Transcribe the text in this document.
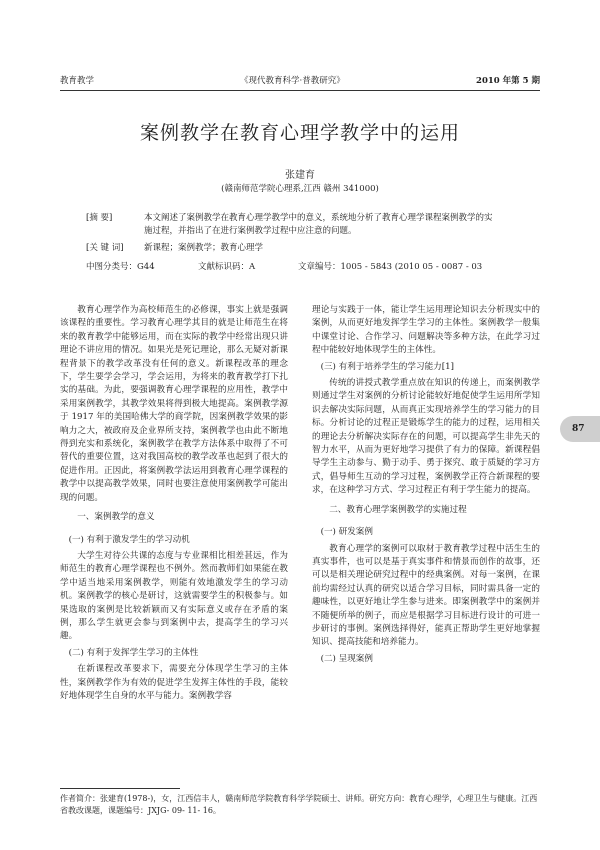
教育教学	《现代教育科学·普教研究》	2010 年第 5 期
案例教学在教育心理学教学中的运用
张建育
(赣南师范学院心理系,江西 赣州 341000)
[摘 要]	本文阐述了案例教学在教育心理学教学中的意义，系统地分析了教育心理学课程案例教学的实施过程，并指出了在进行案例教学过程中应注意的问题。
[关 键 词] 新课程；案例教学；教育心理学
中图分类号：G44	文献标识码：A	文章编号：1005 - 5843 (2010 05 - 0087 - 03

教育心理学作为高校师范生的必修课，事实上就是强调该课程的重要性。学习教育心理学其目的就是让师范生在将来的教育教学中能够运用，而在实际的教学中经常出现只讲理论不讲应用的情况。如果光是死记理论，那么无疑对新课程背景下的教学改革没有任何的意义。新课程改革的理念下，学生要学会学习，学会运用，为将来的教育教学打下扎实的基础。为此，要强调教育心理学课程的应用性，教学中采用案例教学，其教学效果将得到极大地提高。案例教学源于 1917 年的美国哈佛大学的商学院，因案例教学效果的影响力之大，被政府及企业界所支持，案例教学也由此不断地得到充实和系统化，案例教学在教学方法体系中取得了不可替代的重要位置，这对我国高校的教学改革也起到了很大的促进作用。正因此，将案例教学法运用到教育心理学课程的教学中以提高教学效果，同时也要注意使用案例教学可能出现的问题。

一、案例教学的意义
(一) 有利于激发学生的学习动机

大学生对待公共课的态度与专业课相比相差甚远，作为师范生的教育心理学课程也不例外。然而教师们如果能在教学中适当地采用案例教学，则能有效地激发学生的学习动机。案例教学的核心是研讨，这就需要学生的积极参与。如果选取的案例是比较新颖而又有实际意义或存在矛盾的案例，那么学生就更会参与到案例中去，提高学生的学习兴趣。

(二) 有利于发挥学生学习的主体性

在新课程改革要求下，需要充分体现学生学习的主体性，案例教学作为有效的促进学生发挥主体性的手段，能较好地体现学生自身的水平与能力。案例教学容

理论与实践于一体，能让学生运用理论知识去分析现实中的案例，从而更好地发挥学生学习的主体性。案例教学一般集中课堂讨论、合作学习、问题解决等多种方法，在此学习过程中能较好地体现学生的主体性。

(三) 有利于培养学生的学习能力[1]

传统的讲授式教学重点放在知识的传递上，而案例教学则通过学生对案例的分析讨论能较好地促使学生运用所学知识去解决实际问题，从而真正实现培养学生的学习能力的目标。分析讨论的过程正是锻炼学生的能力的过程，运用相关的理论去分析解决实际存在的问题，可以提高学生非先天的智力水平，从而为更好地学习提供了有力的保障。新课程倡导学生主动参与、勤于动手、勇于探究、敢于质疑的学习方式，倡导师生互动的学习过程，案例教学正符合新课程的要求，在这种学习方式、学习过程正有利于学生能力的提高。

二、教育心理学案例教学的实施过程
(一) 研发案例

教育心理学的案例可以取材于教育教学过程中活生生的真实事件，也可以是基于真实事件和情景而创作的故事，还可以是相关理论研究过程中的经典案例。对每一案例，在课前均需经过认真的研究以适合学习目标，同时需具备一定的趣味性，以更好地让学生参与进来。即案例教学中的案例并不随便所举的例子，而应是根据学习目标进行设计的可进一步研讨的事例。案例选择得好，能真正帮助学生更好地掌握知识、提高技能和培养能力。

(二) 呈现案例
87
作者简介：张建育(1978-)，女，江西信丰人，赣南师范学院教育科学学院硕士、讲师。研究方向：教育心理学，心理卫生与健康。江西省教改课题，课题编号：JXJG- 09- 11- 16。
